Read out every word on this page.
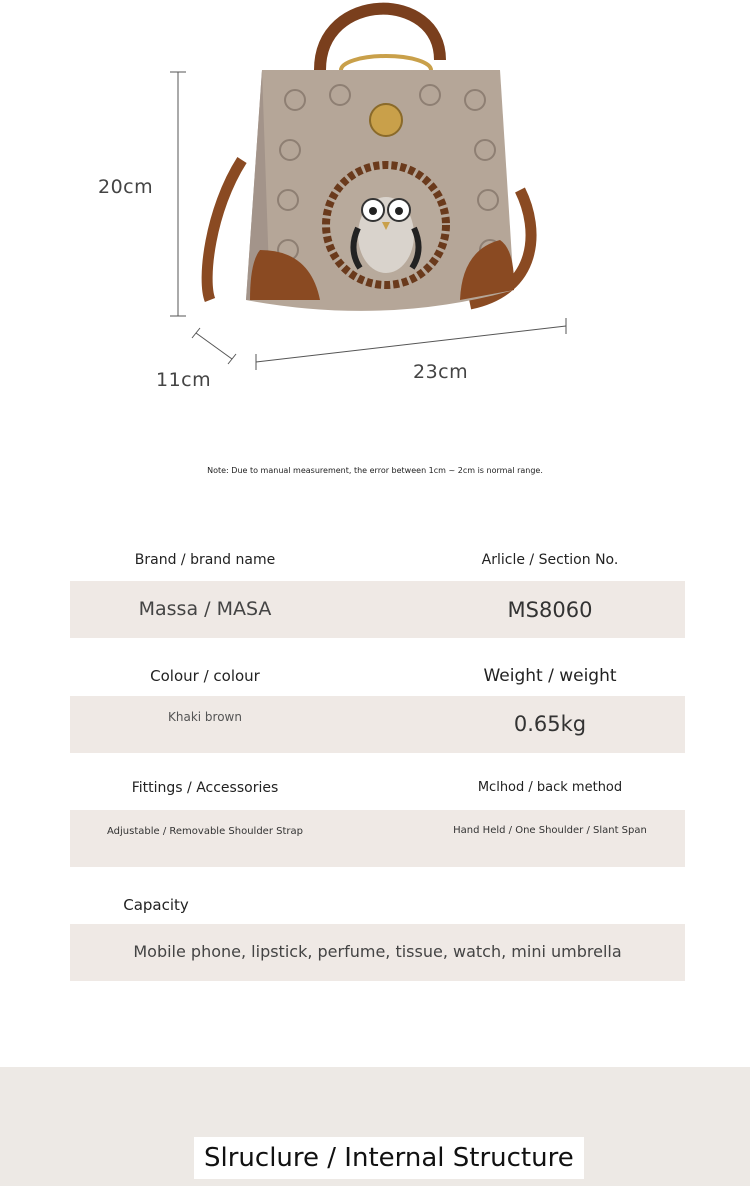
20cm
11cm	23cm
Note: Due to manual measurement, the error between 1cm ~ 2cm is normal range.
Brand / brand name	Arlicle / Section No.
Massa / MASA	MS8060
Colour / colour	Weight / weight
Khaki brown	0.65kg
Fittings / Accessories	Mclhod / back method
Adjustable / Removable Shoulder Strap	Hand Held / One Shoulder / Slant Span
Capacity
Mobile phone, lipstick, perfume, tissue, watch, mini umbrella
Slruclure / Internal Structure
